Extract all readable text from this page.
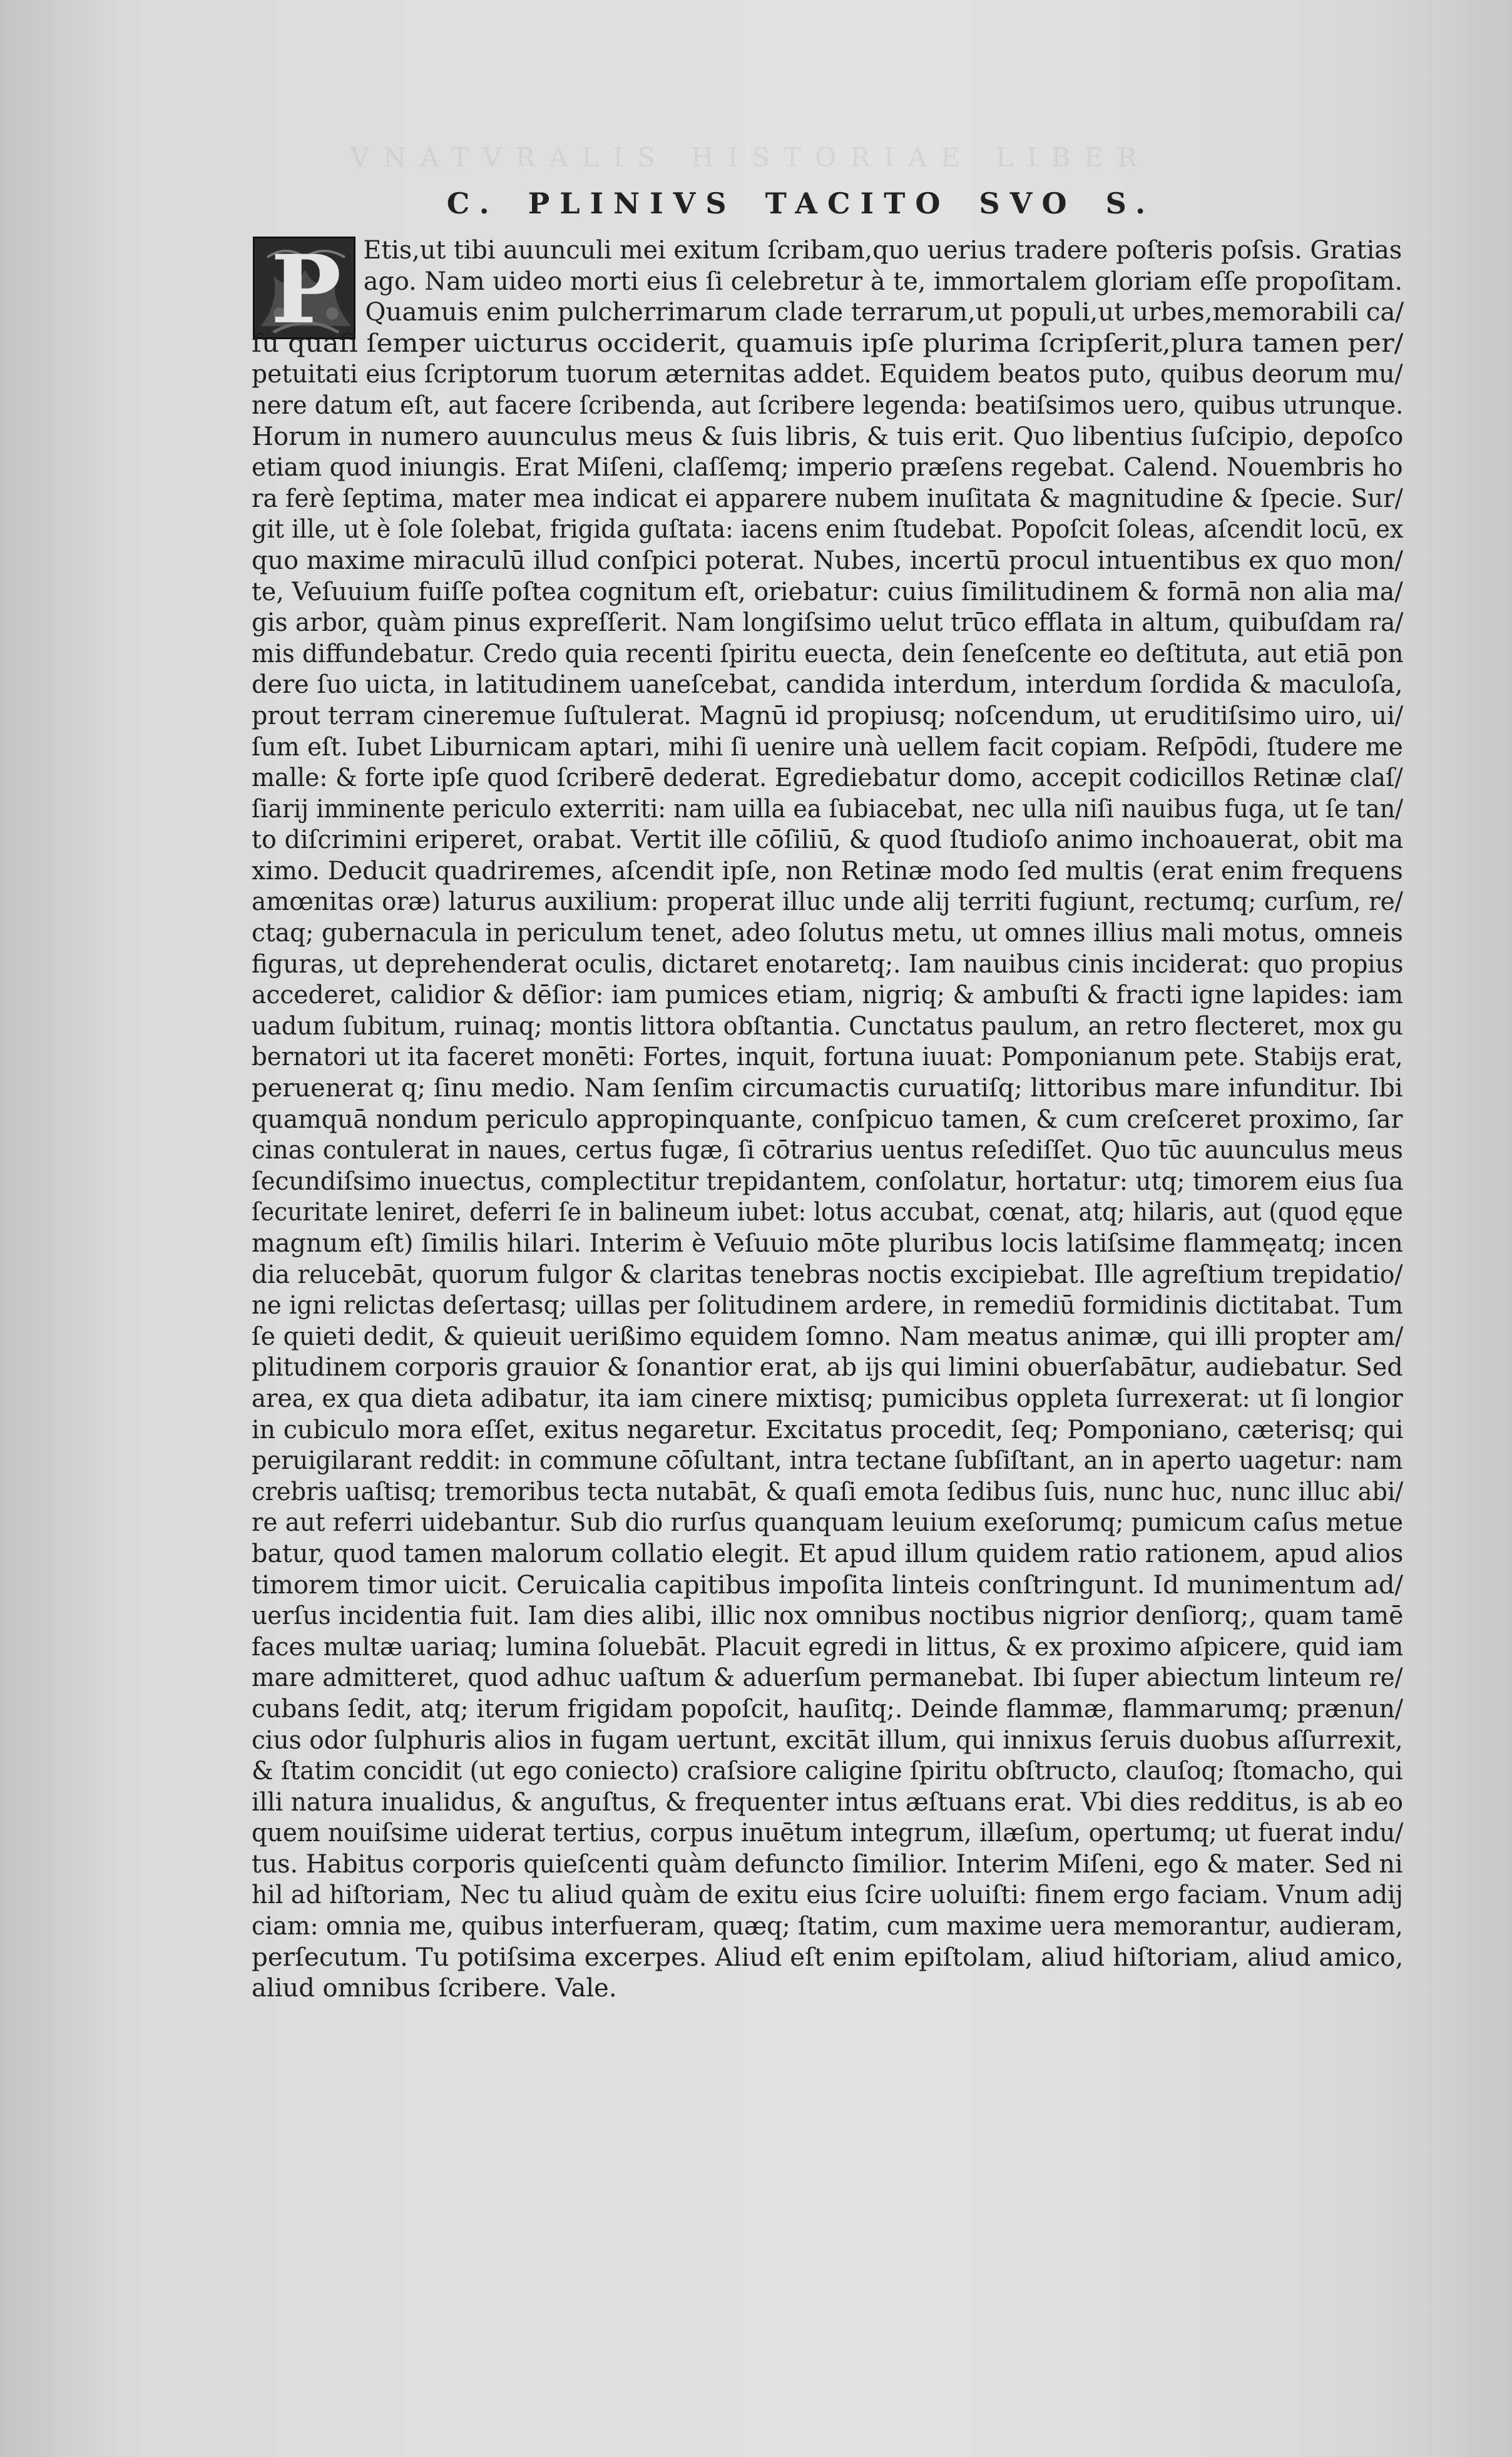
VNATVRALIS HISTORIAE LIBER
C. PLINIVS TACITO SVO S.
P Etis,ut tibi auunculi mei exitum ſcribam,quo uerius tradere poſteris poſsis. Gratias
ago. Nam uideo morti eius ſi celebretur à te, immortalem gloriam eſſe propoſitam.
Quamuis enim pulcherrimarum clade terrarum,ut populi,ut urbes,memorabili ca/
ſu quaſi ſemper uicturus occiderit, quamuis ipſe plurima ſcripſerit,plura tamen per/
petuitati eius ſcriptorum tuorum æternitas addet. Equidem beatos puto, quibus deorum mu/
nere datum eſt, aut facere ſcribenda, aut ſcribere legenda: beatiſsimos uero, quibus utrunque.
Horum in numero auunculus meus & ſuis libris, & tuis erit. Quo libentius ſuſcipio, depoſco
etiam quod iniungis. Erat Miſeni, claſſemq; imperio præſens regebat. Calend. Nouembris ho
ra ferè ſeptima, mater mea indicat ei apparere nubem inuſitata & magnitudine & ſpecie. Sur/
git ille, ut è ſole ſolebat, frigida guſtata: iacens enim ſtudebat. Popoſcit ſoleas, aſcendit locū, ex
quo maxime miraculū illud conſpici poterat. Nubes, incertū procul intuentibus ex quo mon/
te, Veſuuium fuiſſe poſtea cognitum eſt, oriebatur: cuius ſimilitudinem & formā non alia ma/
gis arbor, quàm pinus expreſſerit. Nam longiſsimo uelut trūco efflata in altum, quibuſdam ra/
mis diffundebatur. Credo quia recenti ſpiritu euecta, dein ſeneſcente eo deſtituta, aut etiā pon
dere ſuo uicta, in latitudinem uaneſcebat, candida interdum, interdum ſordida & maculoſa,
prout terram cineremue ſuſtulerat. Magnū id propiusq; noſcendum, ut eruditiſsimo uiro, ui/
ſum eſt. Iubet Liburnicam aptari, mihi ſi uenire unà uellem facit copiam. Reſpōdi, ſtudere me
malle: & forte ipſe quod ſcriberē dederat. Egrediebatur domo, accepit codicillos Retinæ claſ/
ſiarij imminente periculo exterriti: nam uilla ea ſubiacebat, nec ulla niſi nauibus fuga, ut ſe tan/
to diſcrimini eriperet, orabat. Vertit ille cōſiliū, & quod ſtudioſo animo inchoauerat, obit ma
ximo. Deducit quadriremes, aſcendit ipſe, non Retinæ modo ſed multis (erat enim frequens
amœnitas oræ) laturus auxilium: properat illuc unde alij territi fugiunt, rectumq; curſum, re/
ctaq; gubernacula in periculum tenet, adeo ſolutus metu, ut omnes illius mali motus, omneis
figuras, ut deprehenderat oculis, dictaret enotaretq;. Iam nauibus cinis inciderat: quo propius
accederet, calidior & dēſior: iam pumices etiam, nigriq; & ambuſti & fracti igne lapides: iam
uadum ſubitum, ruinaq; montis littora obſtantia. Cunctatus paulum, an retro flecteret, mox gu
bernatori ut ita faceret monēti: Fortes, inquit, fortuna iuuat: Pomponianum pete. Stabijs erat,
peruenerat q; ſinu medio. Nam ſenſim circumactis curuatiſq; littoribus mare infunditur. Ibi
quamquā nondum periculo appropinquante, conſpicuo tamen, & cum creſceret proximo, ſar
cinas contulerat in naues, certus fugæ, ſi cōtrarius uentus reſediſſet. Quo tūc auunculus meus
ſecundiſsimo inuectus, complectitur trepidantem, conſolatur, hortatur: utq; timorem eius ſua
ſecuritate leniret, deferri ſe in balineum iubet: lotus accubat, cœnat, atq; hilaris, aut (quod ęque
magnum eſt) ſimilis hilari. Interim è Veſuuio mōte pluribus locis latiſsime flammęatq; incen
dia relucebāt, quorum fulgor & claritas tenebras noctis excipiebat. Ille agreſtium trepidatio/
ne igni relictas deſertasq; uillas per ſolitudinem ardere, in remediū formidinis dictitabat. Tum
ſe quieti dedit, & quieuit uerißimo equidem ſomno. Nam meatus animæ, qui illi propter am/
plitudinem corporis grauior & ſonantior erat, ab ijs qui limini obuerſabātur, audiebatur. Sed
area, ex qua dieta adibatur, ita iam cinere mixtisq; pumicibus oppleta ſurrexerat: ut ſi longior
in cubiculo mora eſſet, exitus negaretur. Excitatus procedit, ſeq; Pomponiano, cæterisq; qui
peruigilarant reddit: in commune cōſultant, intra tectane ſubſiſtant, an in aperto uagetur: nam
crebris uaſtisq; tremoribus tecta nutabāt, & quaſi emota ſedibus ſuis, nunc huc, nunc illuc abi/
re aut referri uidebantur. Sub dio rurſus quanquam leuium exeſorumq; pumicum caſus metue
batur, quod tamen malorum collatio elegit. Et apud illum quidem ratio rationem, apud alios
timorem timor uicit. Ceruicalia capitibus impoſita linteis conſtringunt. Id munimentum ad/
uerſus incidentia fuit. Iam dies alibi, illic nox omnibus noctibus nigrior denſiorq;, quam tamē
faces multæ uariaq; lumina ſoluebāt. Placuit egredi in littus, & ex proximo aſpicere, quid iam
mare admitteret, quod adhuc uaſtum & aduerſum permanebat. Ibi ſuper abiectum linteum re/
cubans ſedit, atq; iterum frigidam popoſcit, hauſitq;. Deinde flammæ, flammarumq; prænun/
cius odor ſulphuris alios in fugam uertunt, excitāt illum, qui innixus ſeruis duobus aſſurrexit,
& ſtatim concidit (ut ego coniecto) craſsiore caligine ſpiritu obſtructo, clauſoq; ſtomacho, qui
illi natura inualidus, & anguſtus, & frequenter intus æſtuans erat. Vbi dies redditus, is ab eo
quem nouiſsime uiderat tertius, corpus inuētum integrum, illæſum, opertumq; ut fuerat indu/
tus. Habitus corporis quieſcenti quàm defuncto ſimilior. Interim Miſeni, ego & mater. Sed ni
hil ad hiſtoriam, Nec tu aliud quàm de exitu eius ſcire uoluiſti: finem ergo faciam. Vnum adij
ciam: omnia me, quibus interfueram, quæq; ſtatim, cum maxime uera memorantur, audieram,
perſecutum. Tu potiſsima excerpes. Aliud eſt enim epiſtolam, aliud hiſtoriam, aliud amico,
aliud omnibus ſcribere. Vale.
